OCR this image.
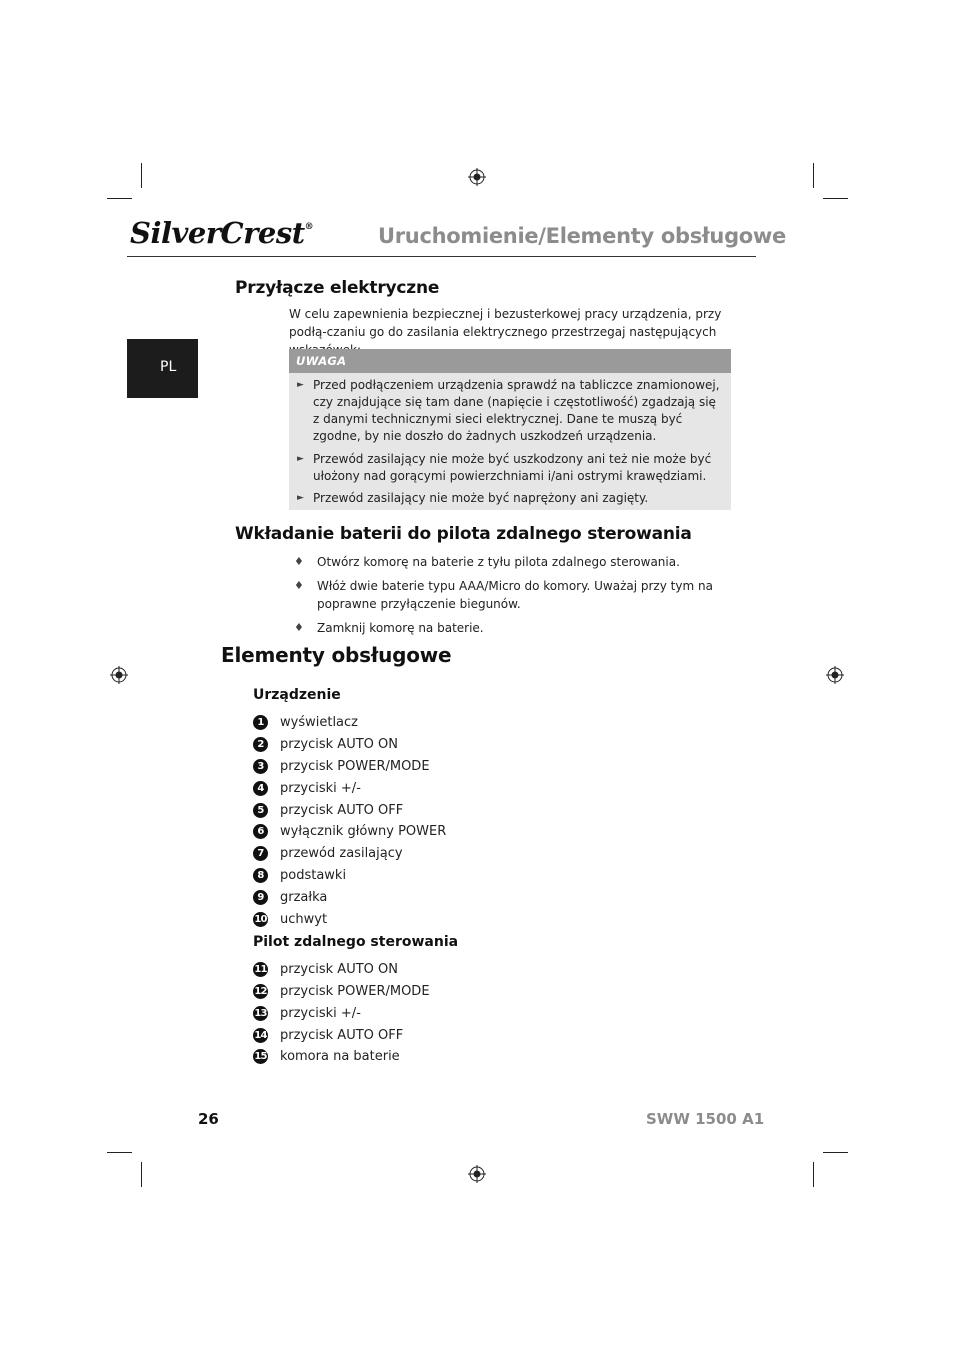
SilverCrest®	Uruchomienie/Elementy obsługowe
PL
Przyłącze elektryczne
W celu zapewnienia bezpiecznej i bezusterkowej pracy urządzenia, przy podłą-czaniu go do zasilania elektrycznego przestrzegaj następujących
UWAGA
► Przed podłączeniem urządzenia sprawdź na tabliczce znamionowej, czy znajdujące się tam dane (napięcie i częstotliwość) zgadzają się z danymi technicznymi sieci elektrycznej. Dane te muszą być zgodne, by nie doszło do żadnych uszkodzeń urządzenia.
► Przewód zasilający nie może być uszkodzony ani też nie może być ułożony nad gorącymi powierzchniami i/ani ostrymi krawędziami.
► Przewód zasilający nie może być naprężony ani zagięty.
Wkładanie baterii do pilota zdalnego sterowania
♦	Otwórz komorę na baterie z tyłu pilota zdalnego sterowania.
♦	Włóż dwie baterie typu AAA/Micro do komory. Uważaj przy tym na poprawne przyłączenie biegunów.
♦	Zamknij komorę na baterie.
Elementy obsługowe
Urządzenie
1	wyświetlacz
2	przycisk AUTO ON
3	przycisk POWER/MODE
4	przyciski +/-
5	przycisk AUTO OFF
6	wyłącznik główny POWER
7	przewód zasilający
8	podstawki
9	grzałka
10 uchwyt
Pilot zdalnego sterowania
11 przycisk AUTO ON
12 przycisk POWER/MODE
13 przyciski +/-
14 przycisk AUTO OFF
15 komora na baterie
26	SWW 1500 A1
